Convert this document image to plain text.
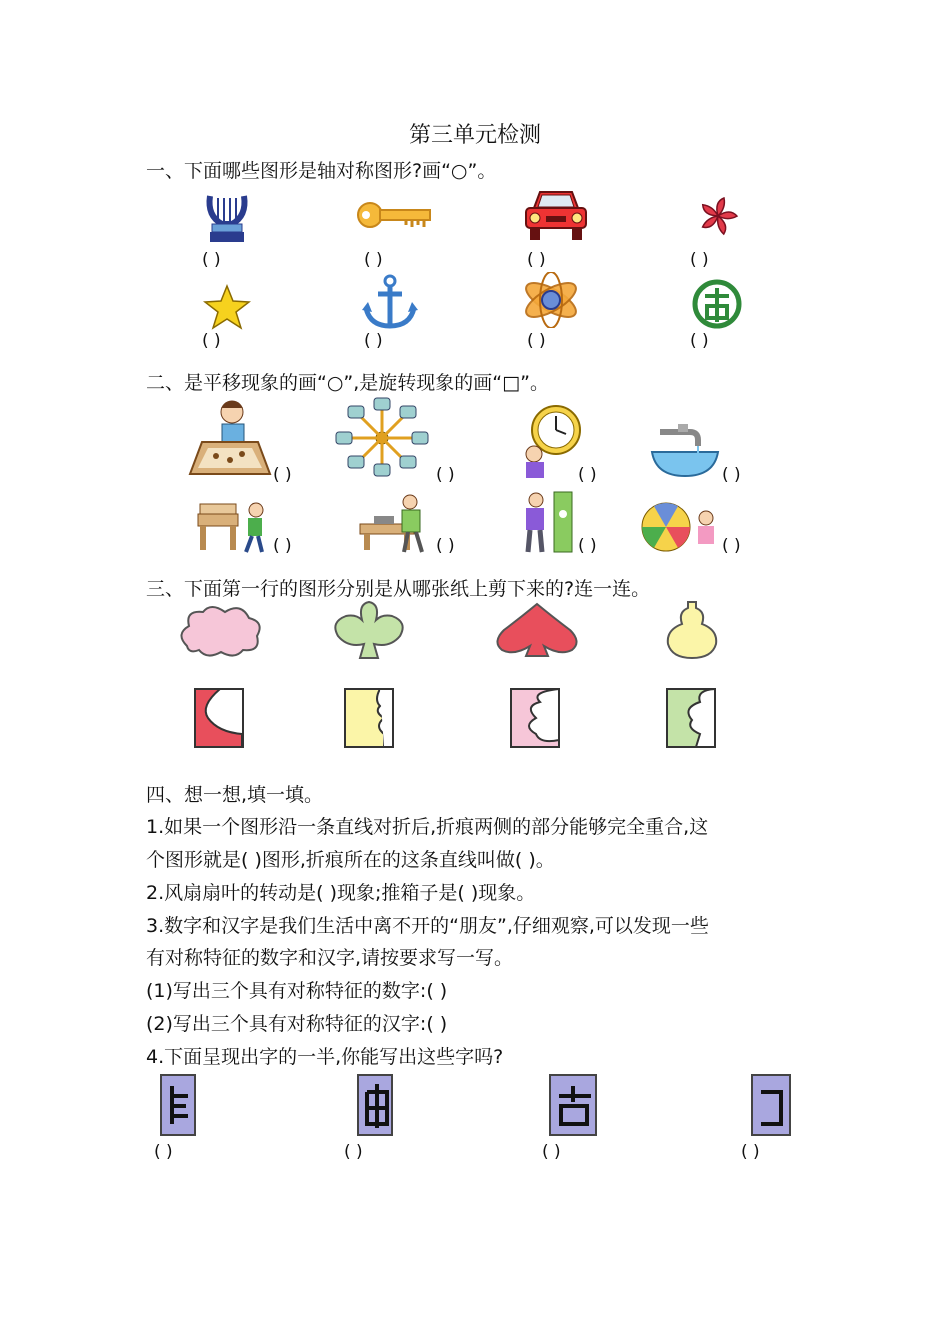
第三单元检测
一、下面哪些图形是轴对称图形?画“○”。
( )	( )	( )	( )
( )	( )	( )	( )
二、是平移现象的画“○”,是旋转现象的画“□”。
( )	( )	( )	( )
( )	( )	( )	( )
三、下面第一行的图形分别是从哪张纸上剪下来的?连一连。
四、想一想,填一填。
1.如果一个图形沿一条直线对折后,折痕两侧的部分能够完全重合,这
个图形就是( )图形,折痕所在的这条直线叫做( )。
2.风扇扇叶的转动是( )现象;推箱子是( )现象。
3.数字和汉字是我们生活中离不开的“朋友”,仔细观察,可以发现一些
有对称特征的数字和汉字,请按要求写一写。
(1)写出三个具有对称特征的数字:( )
(2)写出三个具有对称特征的汉字:( )
4.下面呈现出字的一半,你能写出这些字吗?
( )	( )	( )	( )
